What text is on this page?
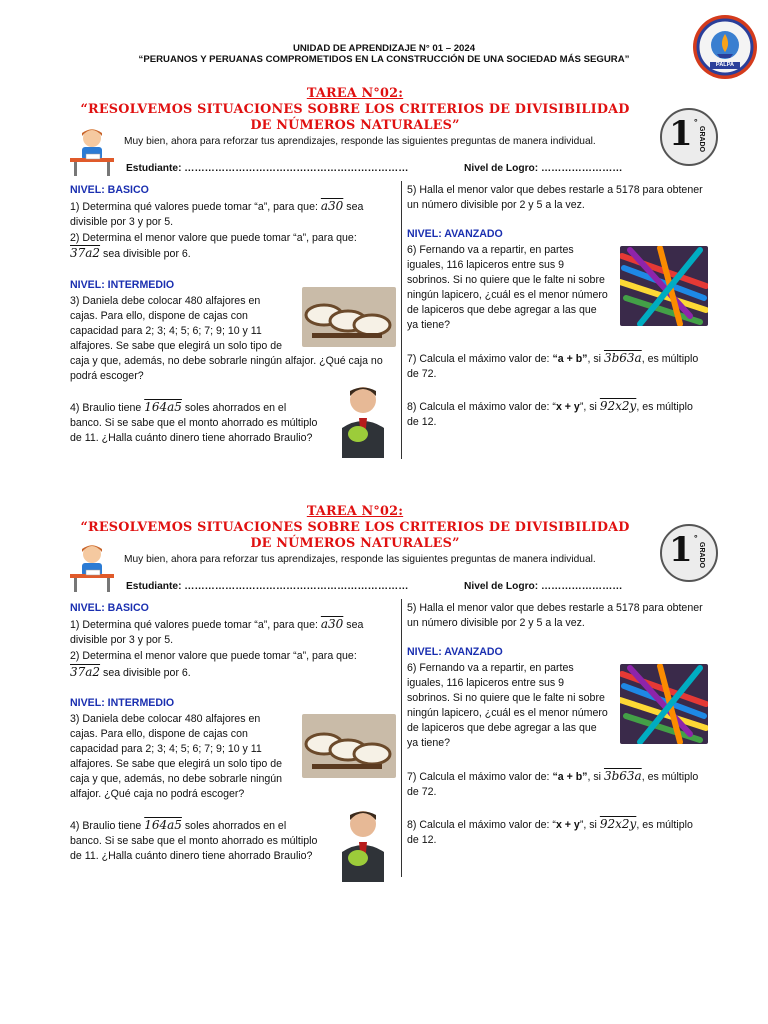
UNIDAD DE APRENDIZAJE N° 01 – 2024
“PERUANOS Y PERUANAS COMPROMETIDOS EN LA CONSTRUCCIÓN DE UNA SOCIEDAD MÁS SEGURA”	PALPA
TAREA N°02:
“RESOLVEMOS SITUACIONES SOBRE LOS CRITERIOS DE DIVISIBILIDAD
DE NÚMEROS NATURALES”	1 °
GRADO
Muy bien, ahora para reforzar tus aprendizajes, responde las siguientes preguntas de manera individual.
Estudiante: …………………………………………………………	Nivel de Logro: ……………………
NIVEL: BASICO
1) Determina qué valores puede tomar “a”, para que: a30 sea
divisible por 3 y por 5.
2) Determina el menor valore que puede tomar “a”, para que:
37a2 sea divisible por 6.
NIVEL: INTERMEDIO
3) Daniela debe colocar 480 alfajores en
cajas. Para ello, dispone de cajas con
capacidad para 2; 3; 4; 5; 6; 7; 9; 10 y 11
alfajores. Se sabe que elegirá un solo tipo de
caja y que, además, no debe sobrarle ningún alfajor. ¿Qué caja no
podrá escoger?
4) Braulio tiene 164a5 soles ahorrados en el
banco. Si se sabe que el monto ahorrado es múltiplo
de 11. ¿Halla cuánto dinero tiene ahorrado Braulio?
5) Halla el menor valor que debes restarle a 5178 para obtener
un número divisible por 2 y 5 a la vez.
NIVEL: AVANZADO
6) Fernando va a repartir, en partes
iguales, 116 lapiceros entre sus 9
sobrinos. Si no quiere que le falte ni sobre
ningún lapicero, ¿cuál es el menor número
de lapiceros que debe agregar a las que
ya tiene?
7) Calcula el máximo valor de: “a + b”, si 3b63a, es múltiplo
de 72.
8) Calcula el máximo valor de: “x + y”, si 92x2y, es múltiplo
de 12.
TAREA N°02:
“RESOLVEMOS SITUACIONES SOBRE LOS CRITERIOS DE DIVISIBILIDAD
DE NÚMEROS NATURALES”	1 °
GRADO
Muy bien, ahora para reforzar tus aprendizajes, responde las siguientes preguntas de manera individual.
Estudiante: …………………………………………………………	Nivel de Logro: ……………………
NIVEL: BASICO
1) Determina qué valores puede tomar “a”, para que: a30 sea
divisible por 3 y por 5.
2) Determina el menor valore que puede tomar “a”, para que:
37a2 sea divisible por 6.
NIVEL: INTERMEDIO
3) Daniela debe colocar 480 alfajores en
cajas. Para ello, dispone de cajas con
capacidad para 2; 3; 4; 5; 6; 7; 9; 10 y 11
alfajores. Se sabe que elegirá un solo tipo de
caja y que, además, no debe sobrarle ningún
alfajor. ¿Qué caja no podrá escoger?
4) Braulio tiene 164a5 soles ahorrados en el
banco. Si se sabe que el monto ahorrado es múltiplo
de 11. ¿Halla cuánto dinero tiene ahorrado Braulio?
5) Halla el menor valor que debes restarle a 5178 para obtener
un número divisible por 2 y 5 a la vez.
NIVEL: AVANZADO
6) Fernando va a repartir, en partes
iguales, 116 lapiceros entre sus 9
sobrinos. Si no quiere que le falte ni sobre
ningún lapicero, ¿cuál es el menor número
de lapiceros que debe agregar a las que
ya tiene?
7) Calcula el máximo valor de: “a + b”, si 3b63a, es múltiplo
de 72.
8) Calcula el máximo valor de: “x + y”, si 92x2y, es múltiplo
de 12.
